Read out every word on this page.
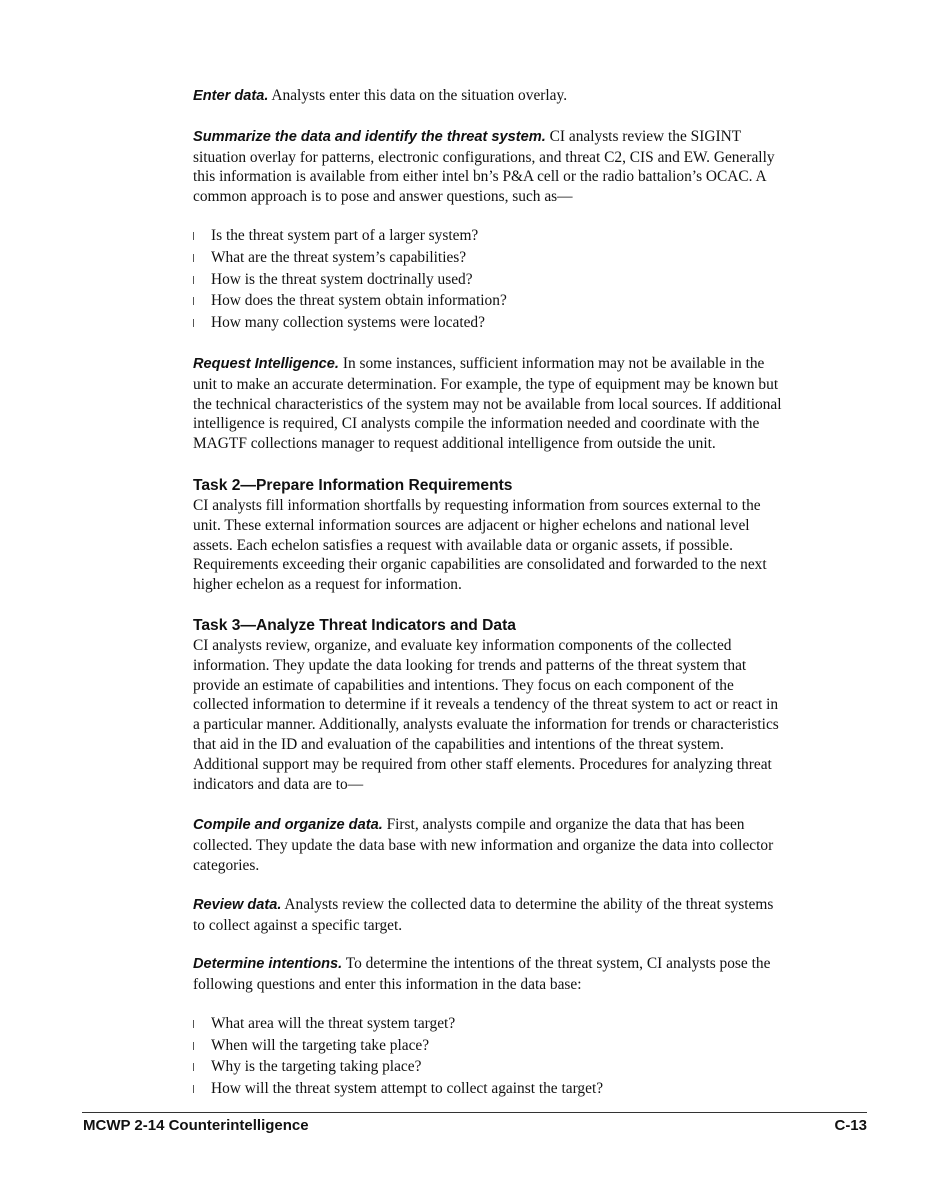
Enter data. Analysts enter this data on the situation overlay.

Summarize the data and identify the threat system. CI analysts review the SIGINT situation overlay for patterns, electronic configurations, and threat C2, CIS and EW. Generally this information is available from either intel bn’s P&A cell or the radio battalion’s OCAC. A common approach is to pose and answer questions, such as—

Is the threat system part of a larger system?
What are the threat system’s capabilities?
How is the threat system doctrinally used?
How does the threat system obtain information?
How many collection systems were located?

Request Intelligence. In some instances, sufficient information may not be available in the unit to make an accurate determination. For example, the type of equipment may be known but the technical characteristics of the system may not be available from local sources. If additional intelligence is required, CI analysts compile the information needed and coordinate with the MAGTF collections manager to request additional intelligence from outside the unit.

Task 2—Prepare Information Requirements

CI analysts fill information shortfalls by requesting information from sources external to the unit. These external information sources are adjacent or higher echelons and national level assets. Each echelon satisfies a request with available data or organic assets, if possible. Requirements exceeding their organic capabilities are consolidated and forwarded to the next higher echelon as a request for information.

Task 3—Analyze Threat Indicators and Data

CI analysts review, organize, and evaluate key information components of the collected information. They update the data looking for trends and patterns of the threat system that provide an estimate of capabilities and intentions. They focus on each component of the collected information to determine if it reveals a tendency of the threat system to act or react in a particular manner. Additionally, analysts evaluate the information for trends or characteristics that aid in the ID and evaluation of the capabilities and intentions of the threat system. Additional support may be required from other staff elements. Procedures for analyzing threat indicators and data are to—

Compile and organize data. First, analysts compile and organize the data that has been collected. They update the data base with new information and organize the data into collector categories.

Review data. Analysts review the collected data to determine the ability of the threat systems to collect against a specific target.

Determine intentions. To determine the intentions of the threat system, CI analysts pose the following questions and enter this information in the data base:

What area will the threat system target?
When will the targeting take place?
Why is the targeting taking place?
How will the threat system attempt to collect against the target?
MCWP 2-14 Counterintelligence	C-13
